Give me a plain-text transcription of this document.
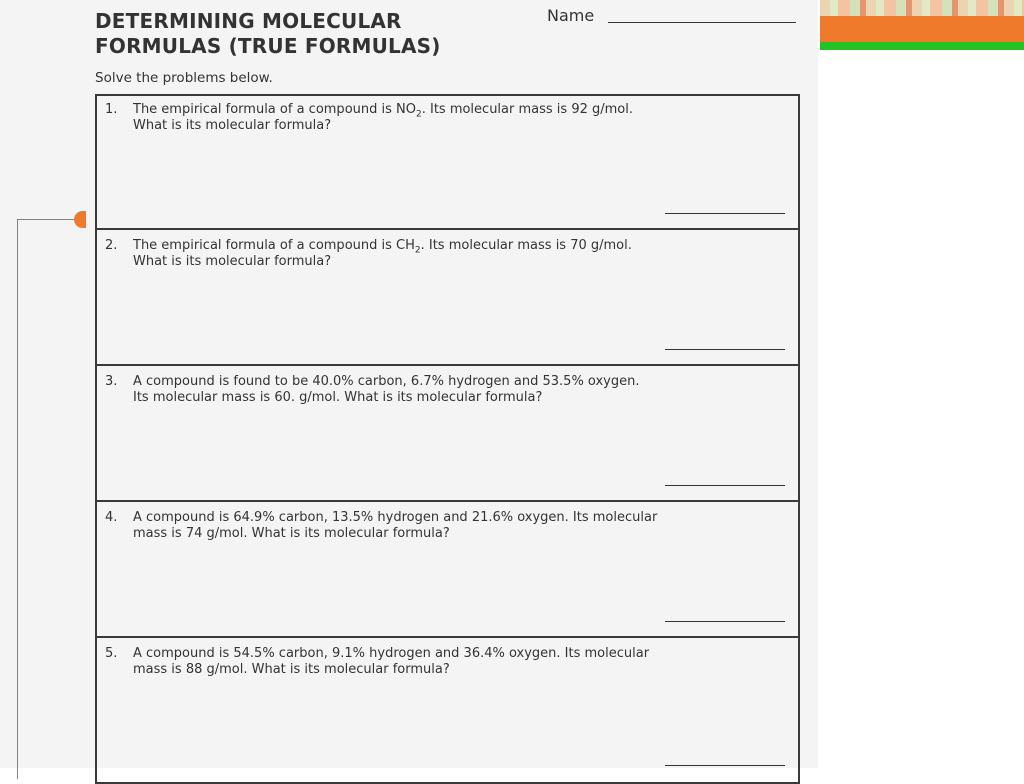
DETERMINING MOLECULAR
FORMULAS (TRUE FORMULAS)
Name
Solve the problems below.
1. The empirical formula of a compound is $NO_2$. Its molecular mass is 92 g/mol.
What is its molecular formula?
2. The empirical formula of a compound is $CH_2$. Its molecular mass is 70 g/mol.
What is its molecular formula?
3. A compound is found to be 40.0% carbon, 6.7% hydrogen and 53.5% oxygen.
Its molecular mass is 60. g/mol. What is its molecular formula?
4. A compound is 64.9% carbon, 13.5% hydrogen and 21.6% oxygen. Its molecular
mass is 74 g/mol. What is its molecular formula?
5. A compound is 54.5% carbon, 9.1% hydrogen and 36.4% oxygen. Its molecular
mass is 88 g/mol. What is its molecular formula?
